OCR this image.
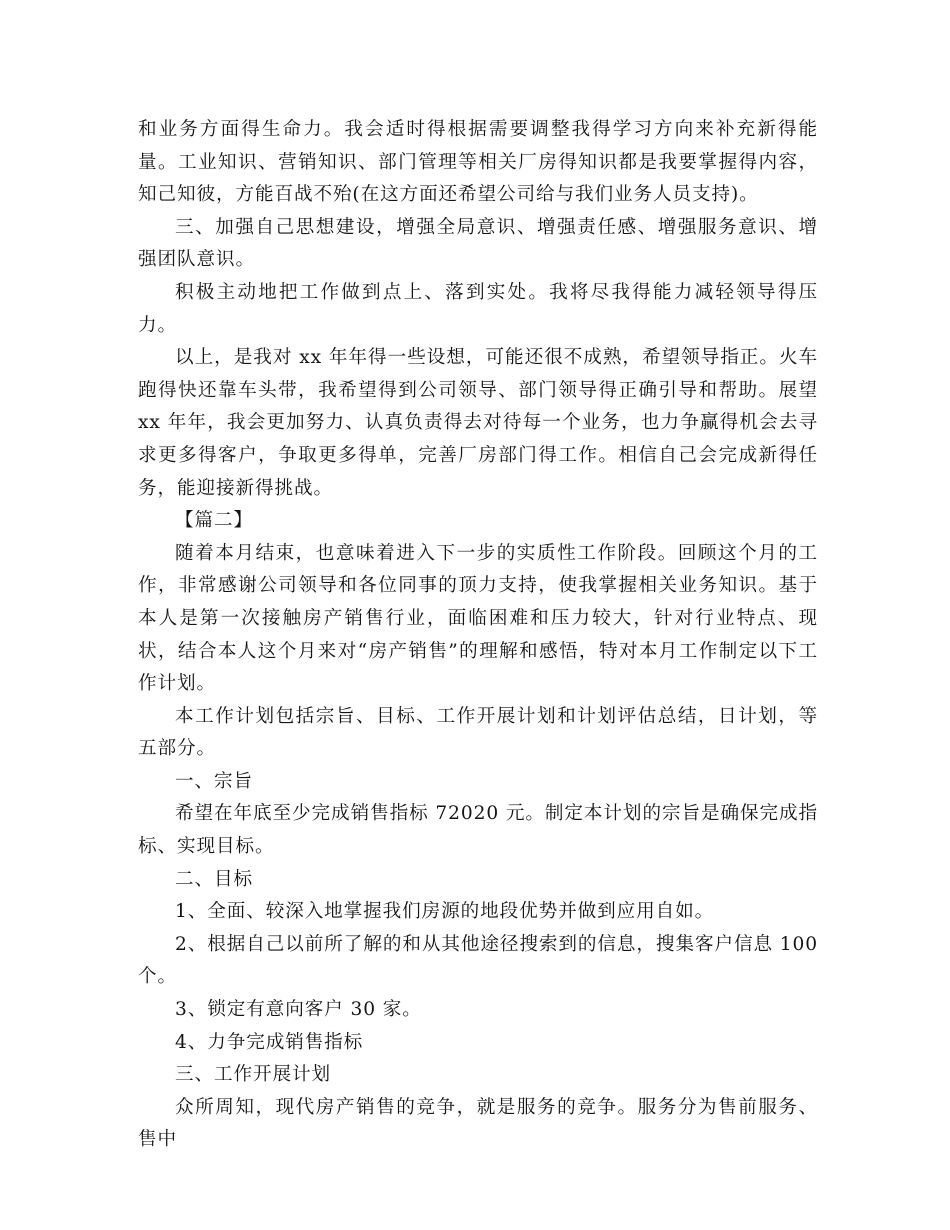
和业务方面得生命力。我会适时得根据需要调整我得学习方向来补充新得能量。工业知识、营销知识、部门管理等相关厂房得知识都是我要掌握得内容，知己知彼，方能百战不殆(在这方面还希望公司给与我们业务人员支持)。

三、加强自己思想建设，增强全局意识、增强责任感、增强服务意识、增强团队意识。

积极主动地把工作做到点上、落到实处。我将尽我得能力减轻领导得压力。

以上，是我对 xx 年年得一些设想，可能还很不成熟，希望领导指正。火车跑得快还靠车头带，我希望得到公司领导、部门领导得正确引导和帮助。展望 xx 年年，我会更加努力、认真负责得去对待每一个业务，也力争赢得机会去寻求更多得客户，争取更多得单，完善厂房部门得工作。相信自己会完成新得任务，能迎接新得挑战。

【篇二】

随着本月结束，也意味着进入下一步的实质性工作阶段。回顾这个月的工作，非常感谢公司领导和各位同事的顶力支持，使我掌握相关业务知识。基于本人是第一次接触房产销售行业，面临困难和压力较大，针对行业特点、现状，结合本人这个月来对“房产销售”的理解和感悟，特对本月工作制定以下工作计划。

本工作计划包括宗旨、目标、工作开展计划和计划评估总结，日计划，等五部分。

一、宗旨

希望在年底至少完成销售指标 72020 元。制定本计划的宗旨是确保完成指标、实现目标。

二、目标

1、全面、较深入地掌握我们房源的地段优势并做到应用自如。

2、根据自己以前所了解的和从其他途径搜索到的信息，搜集客户信息 100 个。

3、锁定有意向客户 30 家。

4、力争完成销售指标

三、工作开展计划

众所周知，现代房产销售的竞争，就是服务的竞争。服务分为售前服务、售中
